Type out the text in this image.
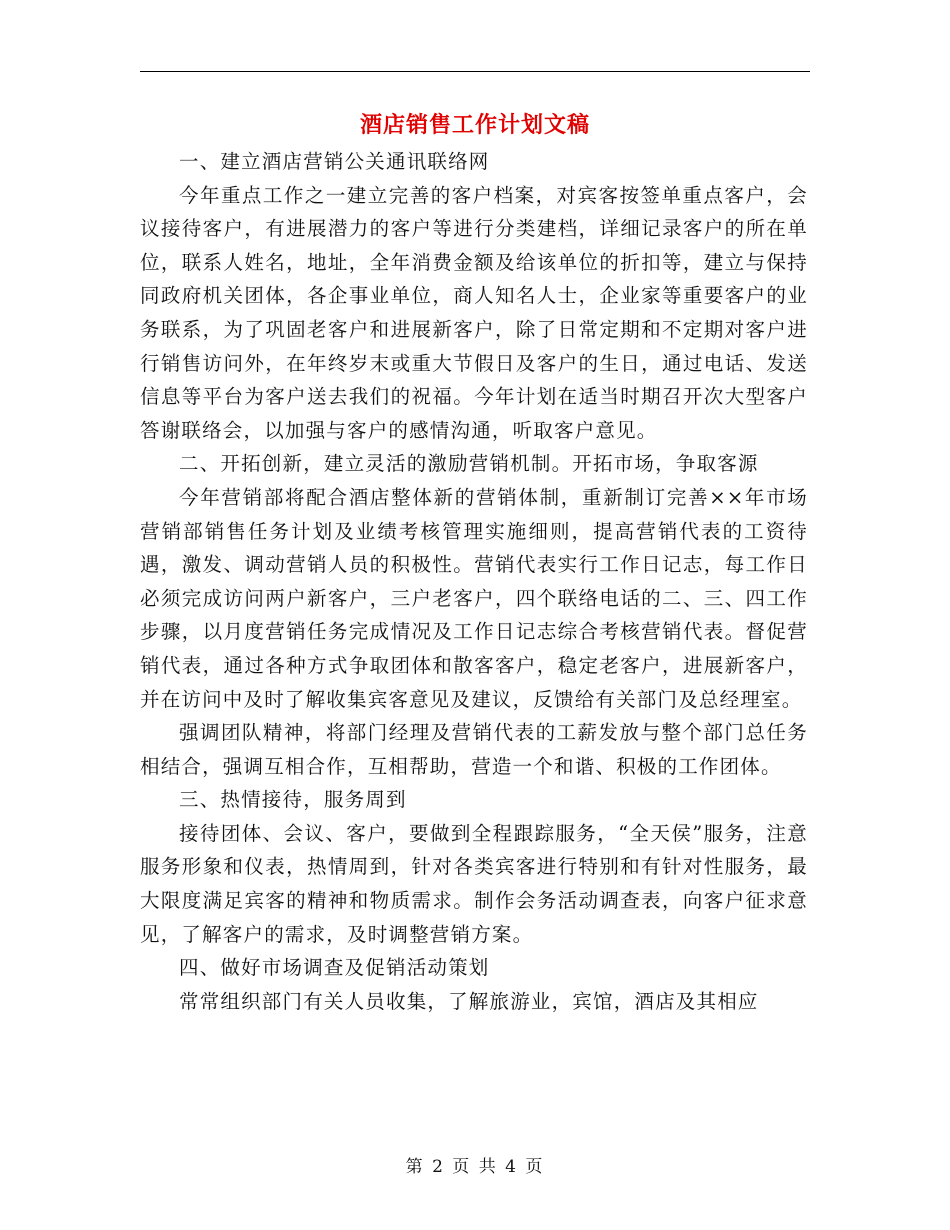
酒店销售工作计划文稿

一、建立酒店营销公关通讯联络网

今年重点工作之一建立完善的客户档案，对宾客按签单重点客户，会议接待客户，有进展潜力的客户等进行分类建档，详细记录客户的所在单位，联系人姓名，地址，全年消费金额及给该单位的折扣等，建立与保持同政府机关团体，各企事业单位，商人知名人士，企业家等重要客户的业务联系，为了巩固老客户和进展新客户，除了日常定期和不定期对客户进行销售访问外，在年终岁末或重大节假日及客户的生日，通过电话、发送信息等平台为客户送去我们的祝福。今年计划在适当时期召开次大型客户答谢联络会，以加强与客户的感情沟通，听取客户意见。

二、开拓创新，建立灵活的激励营销机制。开拓市场，争取客源

今年营销部将配合酒店整体新的营销体制，重新制订完善××年市场营销部销售任务计划及业绩考核管理实施细则，提高营销代表的工资待遇，激发、调动营销人员的积极性。营销代表实行工作日记志，每工作日必须完成访问两户新客户，三户老客户，四个联络电话的二、三、四工作步骤，以月度营销任务完成情况及工作日记志综合考核营销代表。督促营销代表，通过各种方式争取团体和散客客户，稳定老客户，进展新客户，并在访问中及时了解收集宾客意见及建议，反馈给有关部门及总经理室。

强调团队精神，将部门经理及营销代表的工薪发放与整个部门总任务相结合，强调互相合作，互相帮助，营造一个和谐、积极的工作团体。

三、热情接待，服务周到

接待团体、会议、客户，要做到全程跟踪服务，“全天侯”服务，注意服务形象和仪表，热情周到，针对各类宾客进行特别和有针对性服务，最大限度满足宾客的精神和物质需求。制作会务活动调查表，向客户征求意见，了解客户的需求，及时调整营销方案。

四、做好市场调查及促销活动策划

常常组织部门有关人员收集，了解旅游业，宾馆，酒店及其相应

第 2 页 共 4 页
